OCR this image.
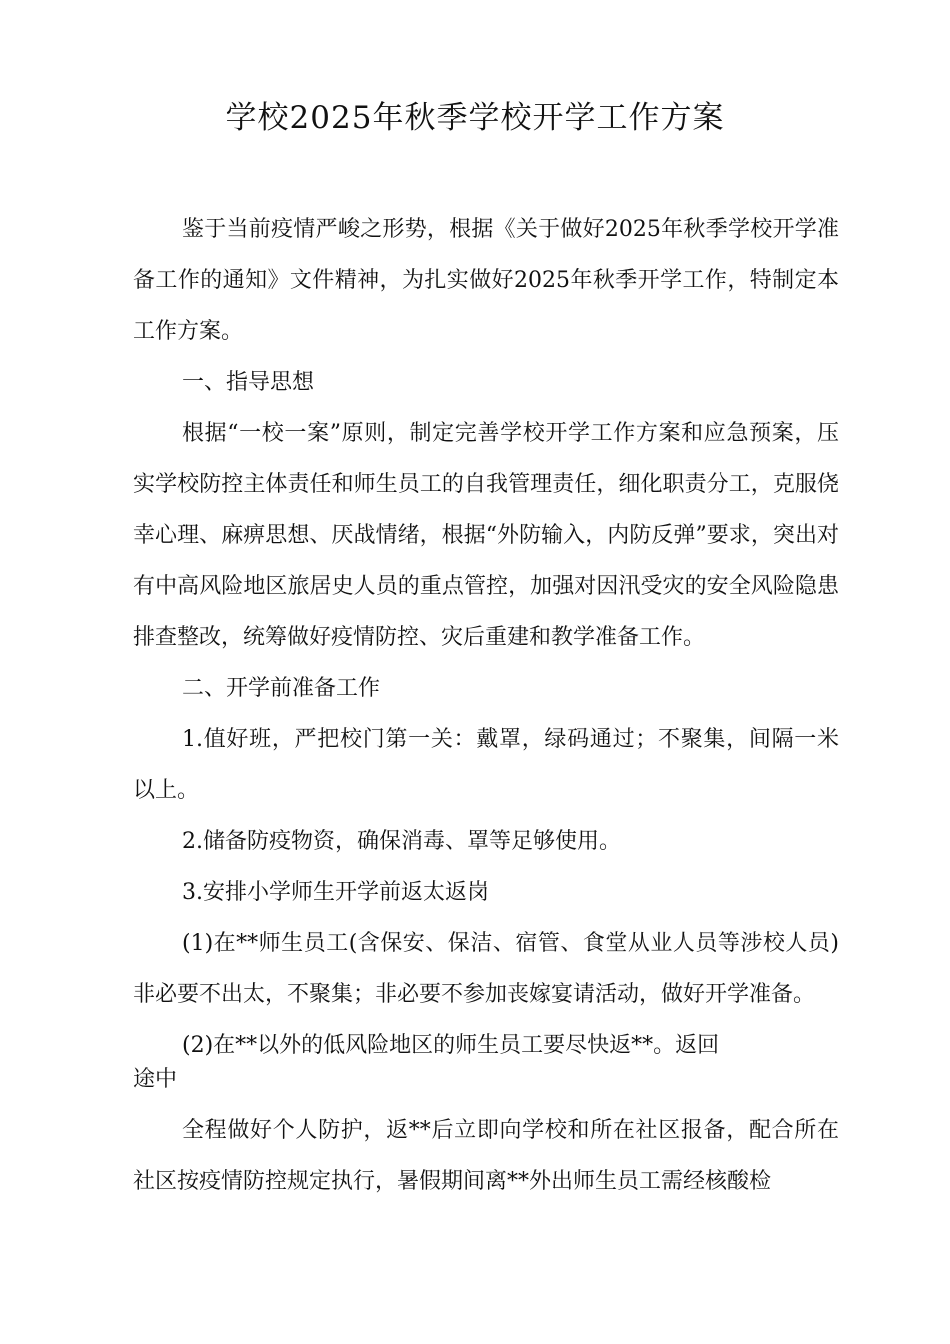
学校2025年秋季学校开学工作方案

鉴于当前疫情严峻之形势，根据《关于做好2025年秋季学校开学准备工作的通知》文件精神，为扎实做好2025年秋季开学工作，特制定本工作方案。

一、指导思想

根据“一校一案”原则，制定完善学校开学工作方案和应急预案，压实学校防控主体责任和师生员工的自我管理责任，细化职责分工，克服侥幸心理、麻痹思想、厌战情绪，根据“外防输入，内防反弹”要求，突出对有中高风险地区旅居史人员的重点管控，加强对因汛受灾的安全风险隐患排查整改，统筹做好疫情防控、灾后重建和教学准备工作。

二、开学前准备工作

1.值好班，严把校门第一关：戴罩，绿码通过；不聚集，间隔一米以上。

2.储备防疫物资，确保消毒、罩等足够使用。

3.安排小学师生开学前返太返岗

(1)在**师生员工(含保安、保洁、宿管、食堂从业人员等涉校人员)非必要不出太，不聚集；非必要不参加丧嫁宴请活动，做好开学准备。

(2)在**以外的低风险地区的师生员工要尽快返**。返回
途中

全程做好个人防护，返**后立即向学校和所在社区报备，配合所在社区按疫情防控规定执行，暑假期间离**外出师生员工需经核酸检
